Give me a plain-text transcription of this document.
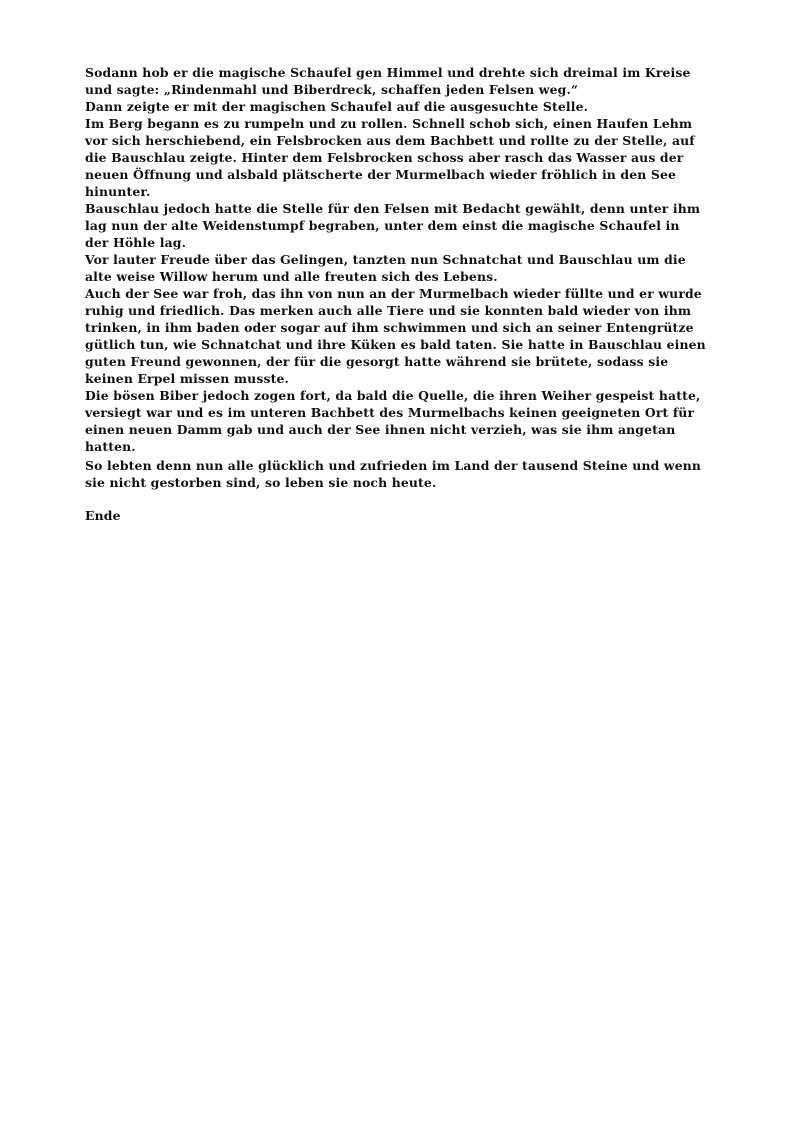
Sodann hob er die magische Schaufel gen Himmel und drehte sich dreimal im Kreise und sagte: „Rindenmahl und Biberdreck, schaffen jeden Felsen weg.“

Dann zeigte er mit der magischen Schaufel auf die ausgesuchte Stelle.

Im Berg begann es zu rumpeln und zu rollen. Schnell schob sich, einen Haufen Lehm vor sich herschiebend, ein Felsbrocken aus dem Bachbett und rollte zu der Stelle, auf die Bauschlau zeigte. Hinter dem Felsbrocken schoss aber rasch das Wasser aus der neuen Öffnung und alsbald plätscherte der Murmelbach wieder fröhlich in den See hinunter.

Bauschlau jedoch hatte die Stelle für den Felsen mit Bedacht gewählt, denn unter ihm lag nun der alte Weidenstumpf begraben, unter dem einst die magische Schaufel in der Höhle lag.

Vor lauter Freude über das Gelingen, tanzten nun Schnatchat und Bauschlau um die alte weise Willow herum und alle freuten sich des Lebens.

Auch der See war froh, das ihn von nun an der Murmelbach wieder füllte und er wurde ruhig und friedlich. Das merken auch alle Tiere und sie konnten bald wieder von ihm trinken, in ihm baden oder sogar auf ihm schwimmen und sich an seiner Entengrütze gütlich tun, wie Schnatchat und ihre Küken es bald taten. Sie hatte in Bauschlau einen guten Freund gewonnen, der für die gesorgt hatte während sie brütete, sodass sie keinen Erpel missen musste.

Die bösen Biber jedoch zogen fort, da bald die Quelle, die ihren Weiher gespeist hatte, versiegt war und es im unteren Bachbett des Murmelbachs keinen geeigneten Ort für einen neuen Damm gab und auch der See ihnen nicht verzieh, was sie ihm angetan hatten.

So lebten denn nun alle glücklich und zufrieden im Land der tausend Steine und wenn sie nicht gestorben sind, so leben sie noch heute.

Ende
